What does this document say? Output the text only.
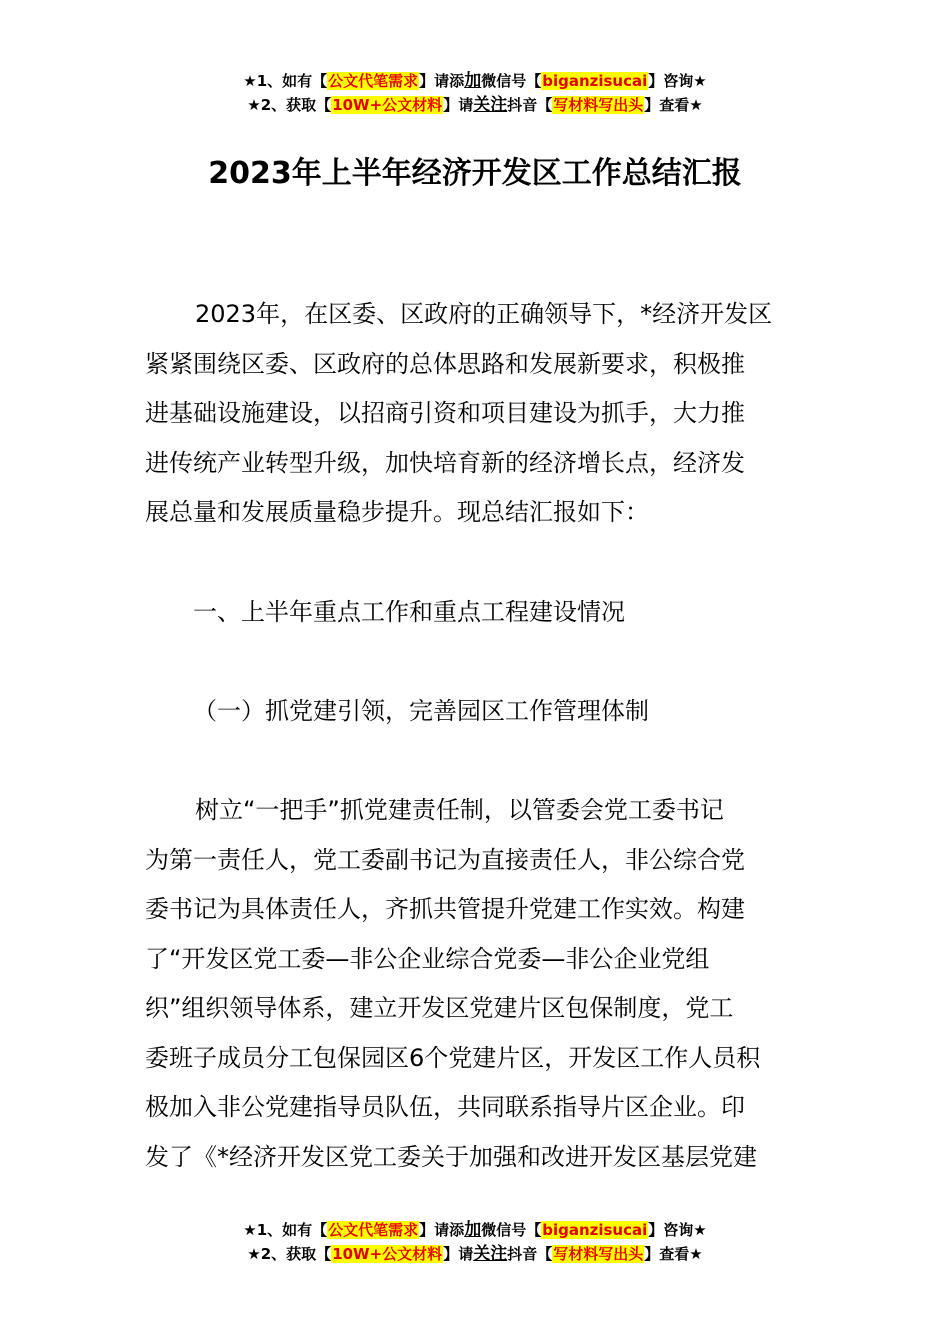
★1、如有【公文代笔需求】请添加微信号【biganzisucai】咨询★
★2、获取【10W+公文材料】请关注抖音【写材料写出头】查看★
2023年上半年经济开发区工作总结汇报
2023年，在区委、区政府的正确领导下，*经济开发区
紧紧围绕区委、区政府的总体思路和发展新要求，积极推
进基础设施建设，以招商引资和项目建设为抓手，大力推
进传统产业转型升级，加快培育新的经济增长点，经济发
展总量和发展质量稳步提升。现总结汇报如下：
一、上半年重点工作和重点工程建设情况
（一）抓党建引领，完善园区工作管理体制
树立“一把手”抓党建责任制，以管委会党工委书记
为第一责任人，党工委副书记为直接责任人，非公综合党
委书记为具体责任人，齐抓共管提升党建工作实效。构建
了“开发区党工委—非公企业综合党委—非公企业党组
织”组织领导体系，建立开发区党建片区包保制度，党工
委班子成员分工包保园区6个党建片区，开发区工作人员积
极加入非公党建指导员队伍，共同联系指导片区企业。印
发了《*经济开发区党工委关于加强和改进开发区基层党建
★1、如有【公文代笔需求】请添加微信号【biganzisucai】咨询★
★2、获取【10W+公文材料】请关注抖音【写材料写出头】查看★
